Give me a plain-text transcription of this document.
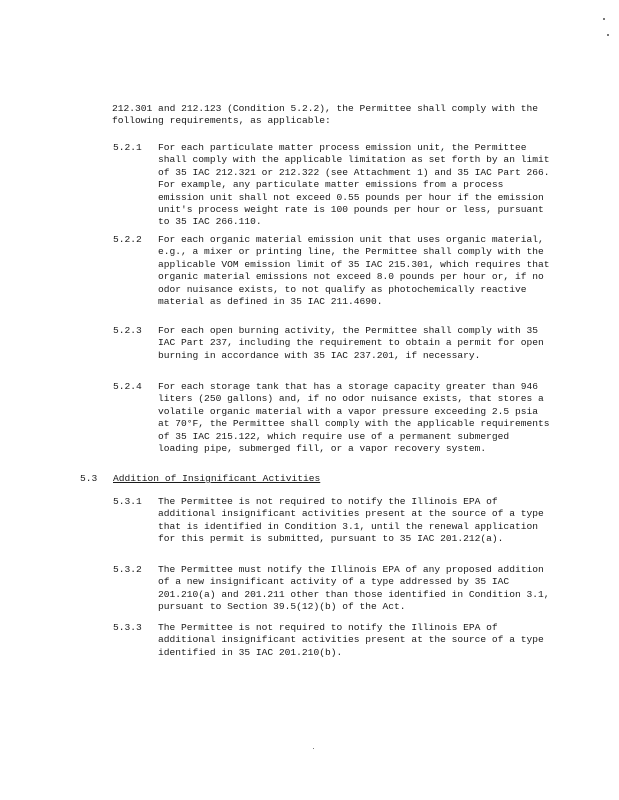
212.301 and 212.123 (Condition 5.2.2), the Permittee shall comply with the following requirements, as applicable:
5.2.1 For each particulate matter process emission unit, the Permittee shall comply with the applicable limitation as set forth by an limit of 35 IAC 212.321 or 212.322 (see Attachment 1) and 35 IAC Part 266. For example, any particulate matter emissions from a process emission unit shall not exceed 0.55 pounds per hour if the emission unit's process weight rate is 100 pounds per hour or less, pursuant to 35 IAC 266.110.
5.2.2 For each organic material emission unit that uses organic material, e.g., a mixer or printing line, the Permittee shall comply with the applicable VOM emission limit of 35 IAC 215.301, which requires that organic material emissions not exceed 8.0 pounds per hour or, if no odor nuisance exists, to not qualify as photochemically reactive material as defined in 35 IAC 211.4690.
5.2.3 For each open burning activity, the Permittee shall comply with 35 IAC Part 237, including the requirement to obtain a permit for open burning in accordance with 35 IAC 237.201, if necessary.
5.2.4 For each storage tank that has a storage capacity greater than 946 liters (250 gallons) and, if no odor nuisance exists, that stores a volatile organic material with a vapor pressure exceeding 2.5 psia at 70°F, the Permittee shall comply with the applicable requirements of 35 IAC 215.122, which require use of a permanent submerged loading pipe, submerged fill, or a vapor recovery system.
5.3 Addition of Insignificant Activities
5.3.1 The Permittee is not required to notify the Illinois EPA of additional insignificant activities present at the source of a type that is identified in Condition 3.1, until the renewal application for this permit is submitted, pursuant to 35 IAC 201.212(a).
5.3.2 The Permittee must notify the Illinois EPA of any proposed addition of a new insignificant activity of a type addressed by 35 IAC 201.210(a) and 201.211 other than those identified in Condition 3.1, pursuant to Section 39.5(12)(b) of the Act.
5.3.3 The Permittee is not required to notify the Illinois EPA of additional insignificant activities present at the source of a type identified in 35 IAC 201.210(b).
